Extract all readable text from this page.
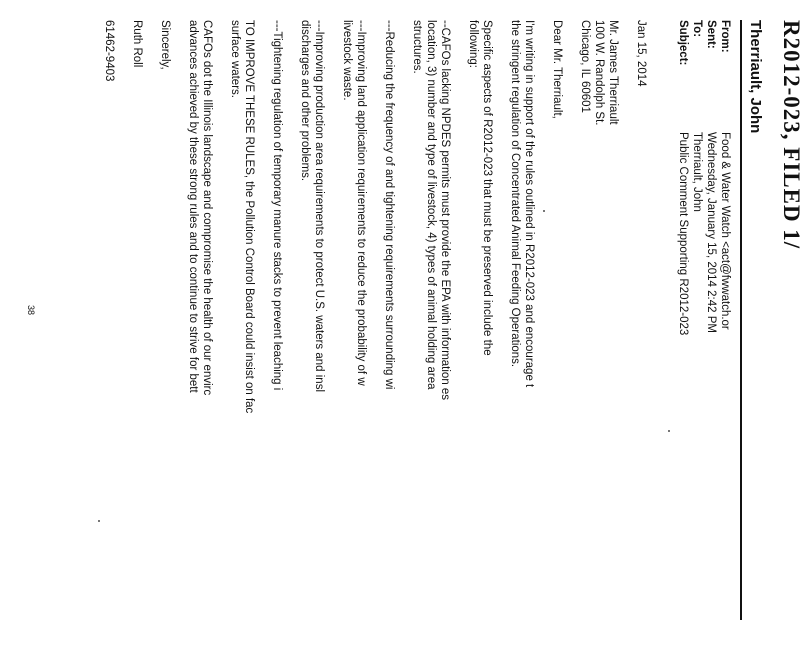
R2012-023, FILED 1/
Therriault, John
From:
Food & Water Watch <act@fwwatch.or
Sent:
Wednesday, January 15, 2014 2:42 PM
To:
Therriault, John
Subject:
Public Comment Supporting R2012-023
Jan 15, 2014
Mr. James Therriault
100 W. Randolph St.
Chicago, IL 60601
Dear Mr. Therriault,
I'm writing in support of the rules outlined in R2012-023 and encourage t
the stringent regulation of Concentrated Animal Feeding Operations.
Specific aspects of R2012-023 that must be preserved include the
following:
--CAFOs lacking NPDES permits must provide the EPA with information es
location, 3) number and type of livestock, 4) types of animal holding area
structures.
---Reducing the frequency of and tightening requirements surrounding wi
---Improving land application requirements to reduce the probability of w
livestock waste.
---Improving production area requirements to protect U.S. waters and insl
discharges and other problems.
---Tightening regulation of temporary manure stacks to prevent leaching i
TO IMPROVE THESE RULES, the Pollution Control Board could insist on fac
surface waters.
CAFOs dot the Illinois landscape and compromise the health of our envirc
advances achieved by these strong rules and to continue to strive for bett
Sincerely,
Ruth Roll
61462-9403
38
